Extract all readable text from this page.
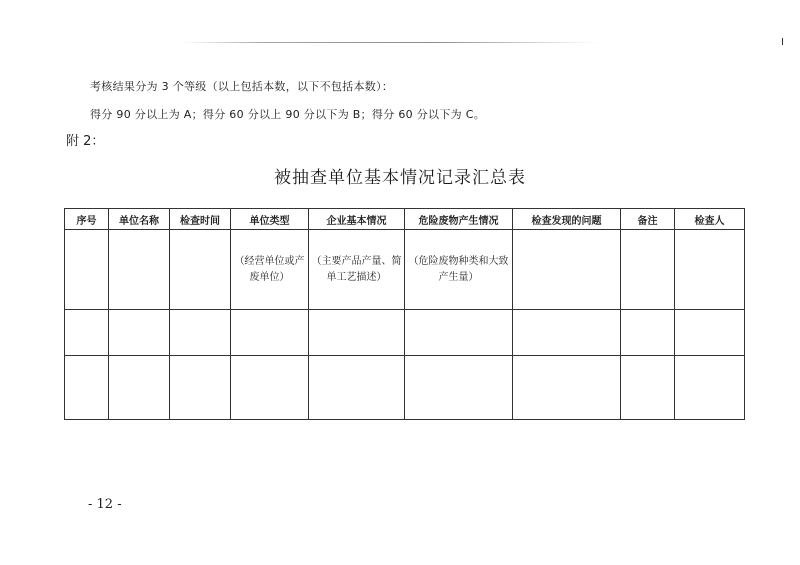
考核结果分为 3 个等级（以上包括本数，以下不包括本数）：
得分 90 分以上为 A；得分 60 分以上 90 分以下为 B；得分 60 分以下为 C。
附 2：
被抽查单位基本情况记录汇总表
序号	单位名称	检查时间	单位类型	企业基本情况	危险废物产生情况	检查发现的问题	备注	检查人

			（经营单位或产废单位）	（主要产品产量、简单工艺描述）	（危险废物种类和大致产生量）			

- 12 -
